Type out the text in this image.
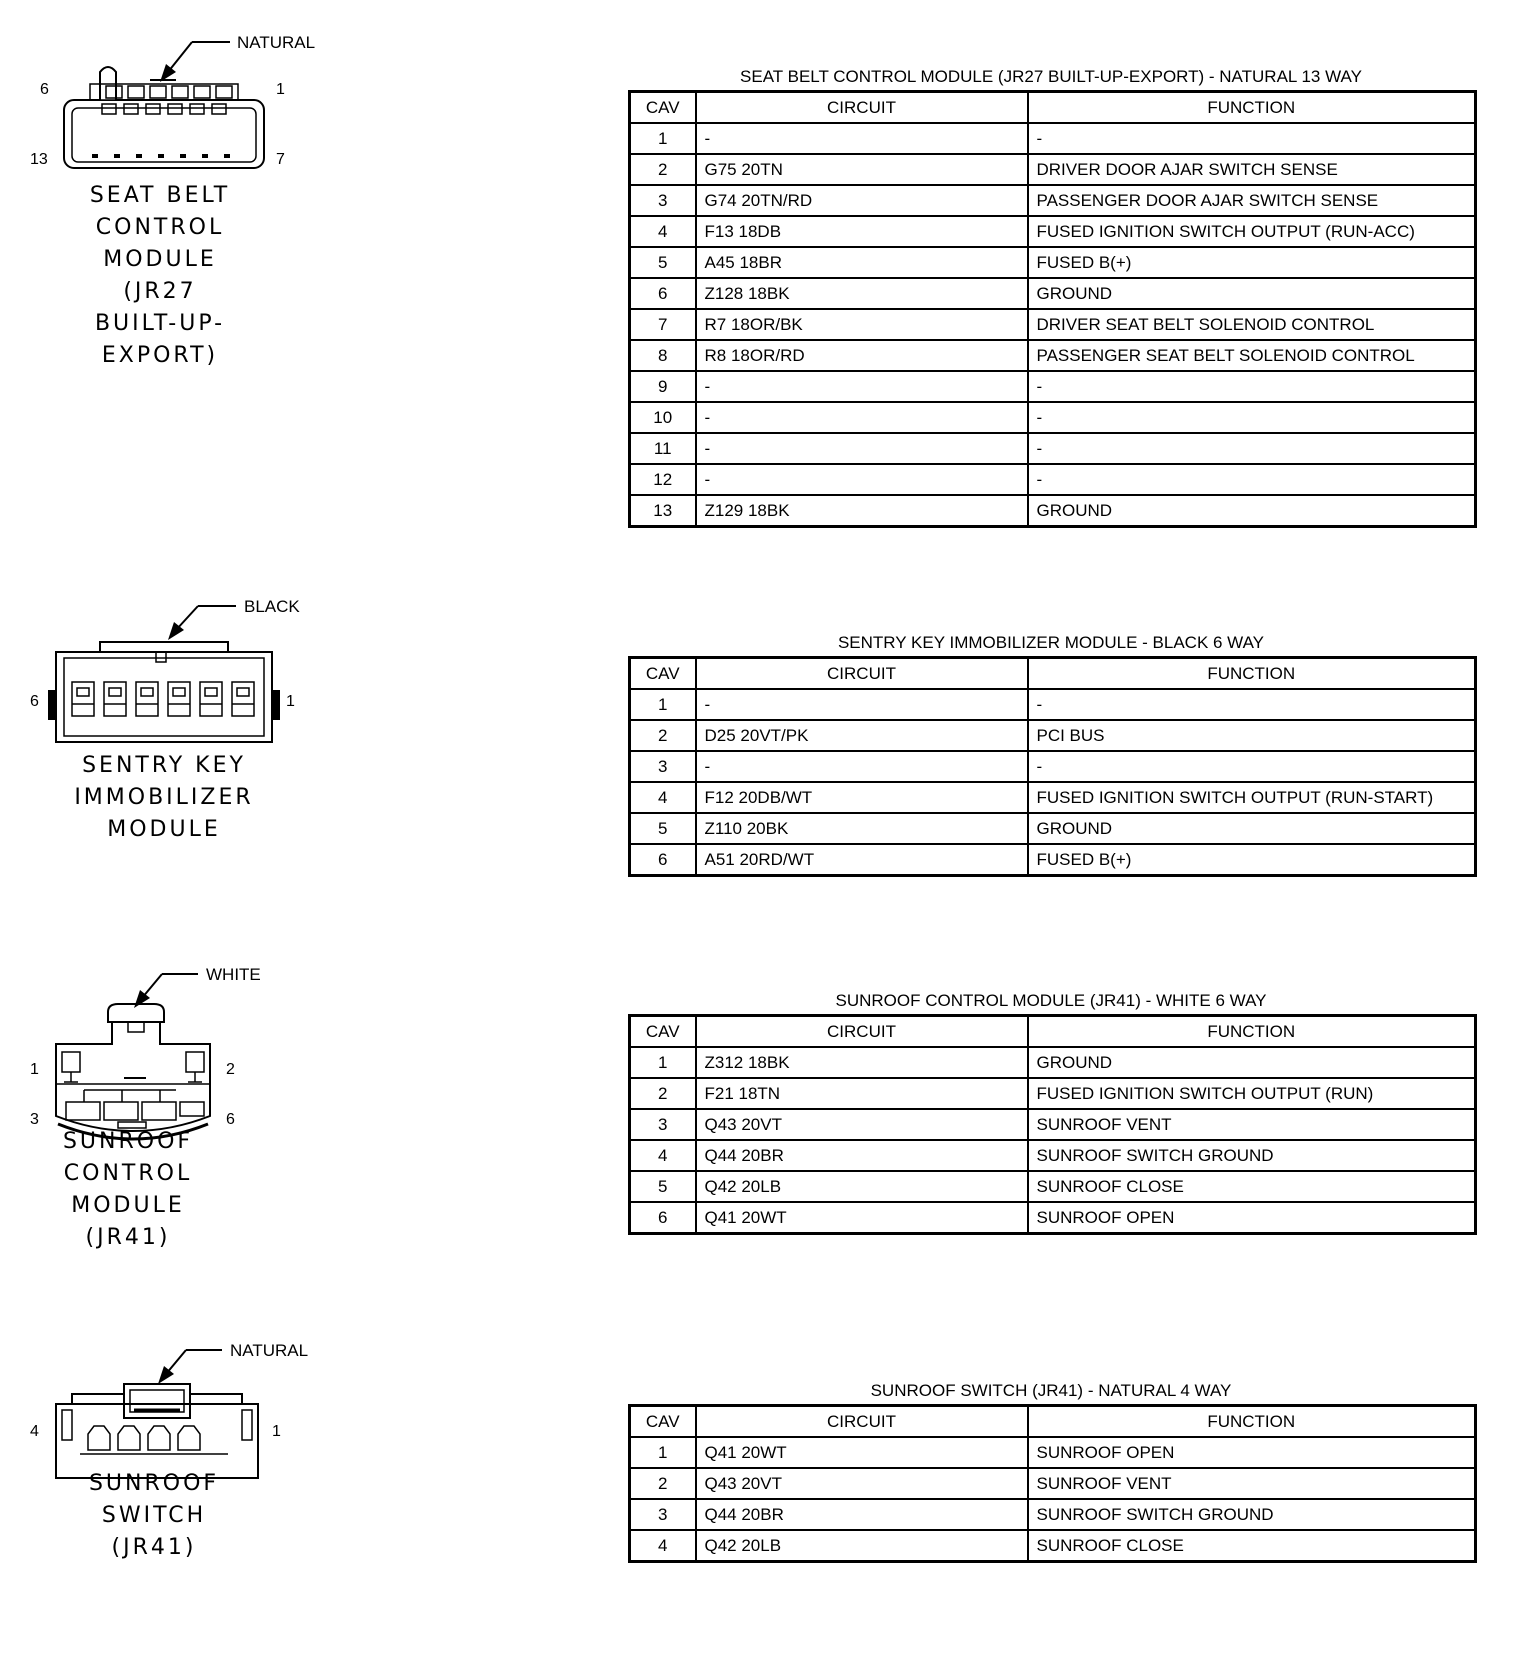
NATURAL
6	1
13	7
SEAT BELT
CONTROL
MODULE
(JR27
BUILT-UP-EXPORT)
SEAT BELT CONTROL MODULE (JR27 BUILT-UP-EXPORT) - NATURAL 13 WAY
CAV	CIRCUIT	FUNCTION
1	-	-
2	G75 20TN	DRIVER DOOR AJAR SWITCH SENSE
3	G74 20TN/RD	PASSENGER DOOR AJAR SWITCH SENSE
4	F13 18DB	FUSED IGNITION SWITCH OUTPUT (RUN-ACC)
5	A45 18BR	FUSED B(+)
6	Z128 18BK	GROUND
7	R7 18OR/BK	DRIVER SEAT BELT SOLENOID CONTROL
8	R8 18OR/RD	PASSENGER SEAT BELT SOLENOID CONTROL
9	-	-
10	-	-
11	-	-
12	-	-
13	Z129 18BK	GROUND
BLACK
6	1
SENTRY KEY
IMMOBILIZER
MODULE
SENTRY KEY IMMOBILIZER MODULE - BLACK 6 WAY
CAV	CIRCUIT	FUNCTION
1	-	-
2	D25 20VT/PK	PCI BUS
3	-	-
4	F12 20DB/WT	FUSED IGNITION SWITCH OUTPUT (RUN-START)
5	Z110 20BK	GROUND
6	A51 20RD/WT	FUSED B(+)
WHITE
1	2
3	6
SUNROOF
CONTROL
MODULE
(JR41)
SUNROOF CONTROL MODULE (JR41) - WHITE 6 WAY
CAV	CIRCUIT	FUNCTION
1	Z312 18BK	GROUND
2	F21 18TN	FUSED IGNITION SWITCH OUTPUT (RUN)
3	Q43 20VT	SUNROOF VENT
4	Q44 20BR	SUNROOF SWITCH GROUND
5	Q42 20LB	SUNROOF CLOSE
6	Q41 20WT	SUNROOF OPEN
NATURAL
4	1
SUNROOF
SWITCH
(JR41)
SUNROOF SWITCH (JR41) - NATURAL 4 WAY
CAV	CIRCUIT	FUNCTION
1	Q41 20WT	SUNROOF OPEN
2	Q43 20VT	SUNROOF VENT
3	Q44 20BR	SUNROOF SWITCH GROUND
4	Q42 20LB	SUNROOF CLOSE
